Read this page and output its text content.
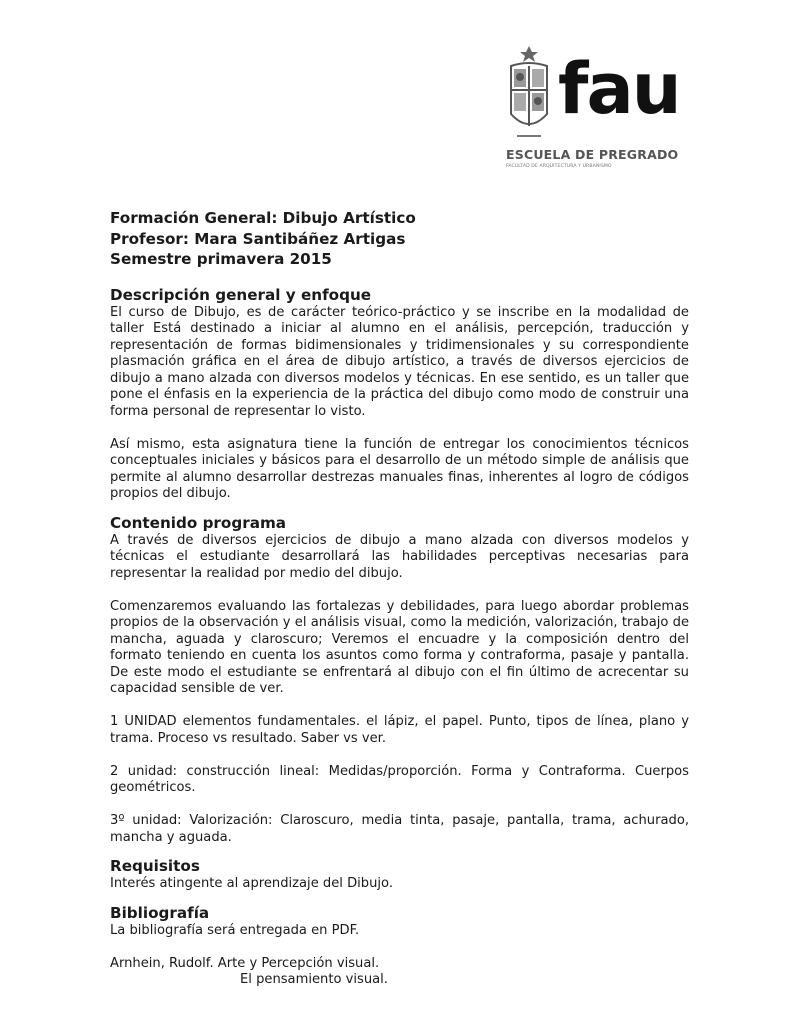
fau
ESCUELA DE PREGRADO
FACULTAD DE ARQUITECTURA Y URBANISMO

Formación General: Dibujo Artístico

Profesor: Mara Santibáñez Artigas

Semestre primavera 2015

Descripción general y enfoque

El curso de Dibujo, es de carácter teórico-práctico y se inscribe en la modalidad de taller Está destinado a iniciar al alumno en el análisis, percepción, traducción y representación de formas bidimensionales y tridimensionales y su correspondiente plasmación gráfica en el área de dibujo artístico, a través de diversos ejercicios de dibujo a mano alzada con diversos modelos y técnicas. En ese sentido, es un taller que pone el énfasis en la experiencia de la práctica del dibujo como modo de construir una forma personal de representar lo visto.

Así mismo, esta asignatura tiene la función de entregar los conocimientos técnicos conceptuales iniciales y básicos para el desarrollo de un método simple de análisis que permite al alumno desarrollar destrezas manuales finas, inherentes al logro de códigos propios del dibujo.

Contenido programa

A través de diversos ejercicios de dibujo a mano alzada con diversos modelos y técnicas el estudiante desarrollará las habilidades perceptivas necesarias para representar la realidad por medio del dibujo.

Comenzaremos evaluando las fortalezas y debilidades, para luego abordar problemas propios de la observación y el análisis visual, como la medición, valorización, trabajo de mancha, aguada y claroscuro; Veremos el encuadre y la composición dentro del formato teniendo en cuenta los asuntos como forma y contraforma, pasaje y pantalla. De este modo el estudiante se enfrentará al dibujo con el fin último de acrecentar su capacidad sensible de ver.

1 UNIDAD elementos fundamentales. el lápiz, el papel. Punto, tipos de línea, plano y trama. Proceso vs resultado. Saber vs ver.

2 unidad: construcción lineal: Medidas/proporción. Forma y Contraforma. Cuerpos geométricos.

3º unidad: Valorización: Claroscuro, media tinta, pasaje, pantalla, trama, achurado, mancha y aguada.

Requisitos

Interés atingente al aprendizaje del Dibujo.

Bibliografía

La bibliografía será entregada en PDF.

Arnhein, Rudolf. Arte y Percepción visual.

El pensamiento visual.
